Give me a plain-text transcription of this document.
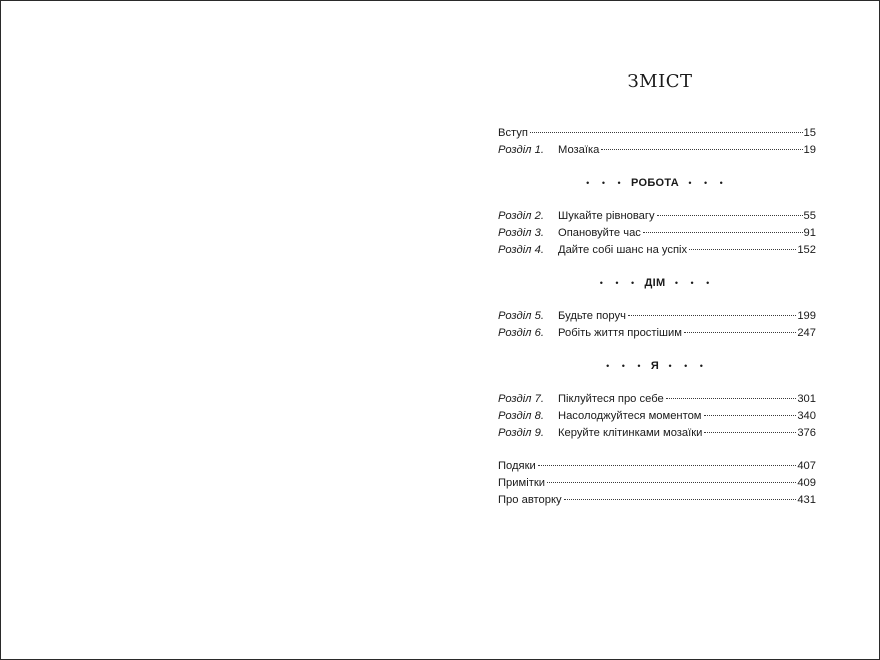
ЗМІСТ
Вступ	15
Розділ 1.	Мозаїка	19
• • • РОБОТА • • •
Розділ 2.	Шукайте рівновагу	55
Розділ 3.	Опановуйте час	91
Розділ 4.	Дайте собі шанс на успіх	152
• • • ДІМ • • •
Розділ 5.	Будьте поруч	199
Розділ 6.	Робіть життя простішим	247
• • • Я • • •
Розділ 7.	Піклуйтеся про себе	301
Розділ 8.	Насолоджуйтеся моментом	340
Розділ 9.	Керуйте клітинками мозаїки	376
Подяки	407
Примітки	409
Про авторку	431
